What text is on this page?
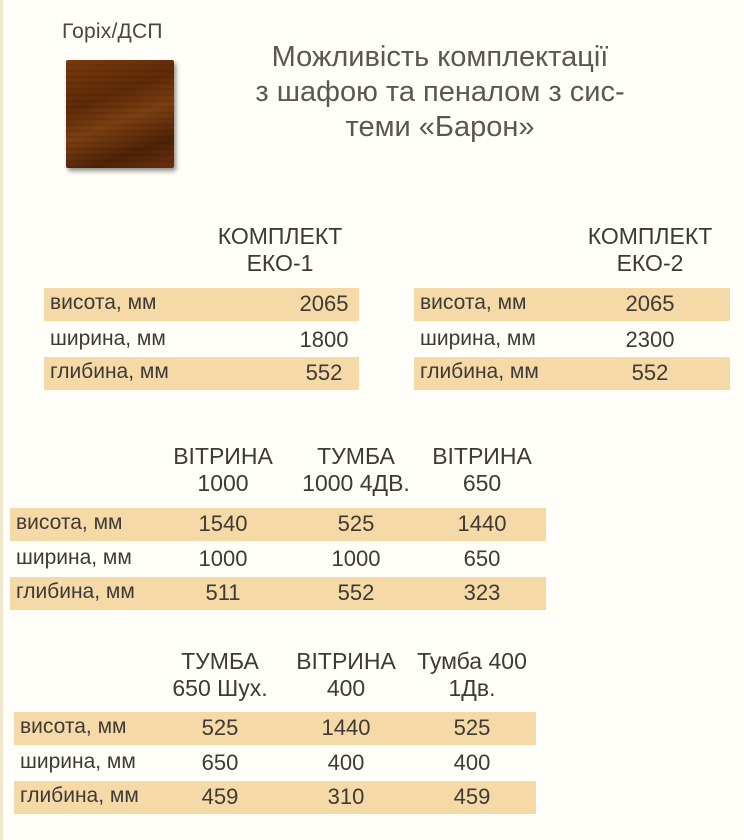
Горіх/ДСП
Можливість комплектації
з шафою та пеналом з сис-
теми «Барон»
КОМПЛЕКТ
ЕКО-1
висота, мм	2065
ширина, мм	1800
глибина, мм	552
КОМПЛЕКТ
ЕКО-2
висота, мм	2065
ширина, мм	2300
глибина, мм	552
ВІТРИНА
1000
ТУМБА
1000 4ДВ.
ВІТРИНА
650
висота, мм	1540	525	1440
ширина, мм	1000	1000	650
глибина, мм	511	552	323
ТУМБА
650 Шух.
ВІТРИНА
400
Тумба 400
1Дв.
висота, мм	525	1440	525
ширина, мм	650	400	400
глибина, мм	459	310	459
